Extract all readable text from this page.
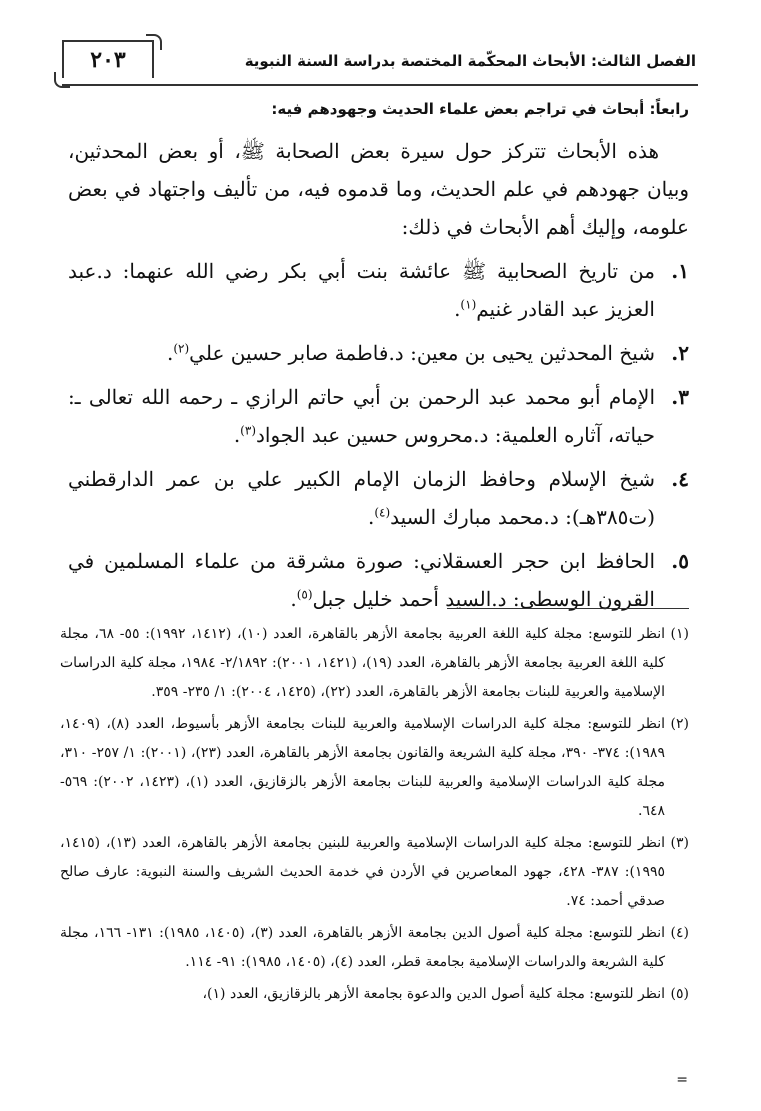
٢٠٣	الفصل الثالث: الأبحاث المحكّمة المختصة بدراسة السنة النبوية

رابعاً: أبحاث في تراجم بعض علماء الحديث وجهودهم فيه:

هذه الأبحاث تتركز حول سيرة بعض الصحابة ﷺ، أو بعض المحدثين، وبيان جهودهم في علم الحديث، وما قدموه فيه، من تأليف واجتهاد في بعض علومه، وإليك أهم الأبحاث في ذلك:

١.
من تاريخ الصحابية ﷺ عائشة بنت أبي بكر رضي الله عنهما: د.عبد العزيز عبد القادر غنيم$^{(١)}$.
٢.
شيخ المحدثين يحيى بن معين: د.فاطمة صابر حسين علي$^{(٢)}$.
٣.
الإمام أبو محمد عبد الرحمن بن أبي حاتم الرازي ـ رحمه الله تعالى ـ: حياته، آثاره العلمية: د.محروس حسين عبد الجواد$^{(٣)}$.
٤.
شيخ الإسلام وحافظ الزمان الإمام الكبير علي بن عمر الدارقطني (ت٣٨٥هـ): د.محمد مبارك السيد$^{(٤)}$.
٥.
الحافظ ابن حجر العسقلاني: صورة مشرقة من علماء المسلمين في القرون الوسطى: د.السيد أحمد خليل جبل$^{(٥)}$.

(١)
انظر للتوسع: مجلة كلية اللغة العربية بجامعة الأزهر بالقاهرة، العدد (١٠)، (١٤١٢، ١٩٩٢): ٥٥- ٦٨، مجلة كلية اللغة العربية بجامعة الأزهر بالقاهرة، العدد (١٩)، (١٤٢١، ٢٠٠١): ٢/١٨٩٢- ١٩٨٤، مجلة كلية الدراسات الإسلامية والعربية للبنات بجامعة الأزهر بالقاهرة، العدد (٢٢)، (١٤٢٥، ٢٠٠٤): ١/ ٢٣٥- ٣٥٩.

(٢)
انظر للتوسع: مجلة كلية الدراسات الإسلامية والعربية للبنات بجامعة الأزهر بأسيوط، العدد (٨)، (١٤٠٩، ١٩٨٩): ٣٧٤- ٣٩٠، مجلة كلية الشريعة والقانون بجامعة الأزهر بالقاهرة، العدد (٢٣)، (٢٠٠١): ١/ ٢٥٧- ٣١٠، مجلة كلية الدراسات الإسلامية والعربية للبنات بجامعة الأزهر بالزقازيق، العدد (١)، (١٤٢٣، ٢٠٠٢): ٥٦٩- ٦٤٨.

(٣)
انظر للتوسع: مجلة كلية الدراسات الإسلامية والعربية للبنين بجامعة الأزهر بالقاهرة، العدد (١٣)، (١٤١٥، ١٩٩٥): ٣٨٧- ٤٢٨، جهود المعاصرين في الأردن في خدمة الحديث الشريف والسنة النبوية: عارف صالح صدقي أحمد: ٧٤.

(٤)
انظر للتوسع: مجلة كلية أصول الدين بجامعة الأزهر بالقاهرة، العدد (٣)، (١٤٠٥، ١٩٨٥): ١٣١- ١٦٦، مجلة كلية الشريعة والدراسات الإسلامية بجامعة قطر، العدد (٤)، (١٤٠٥، ١٩٨٥): ٩١- ١١٤.

(٥)
انظر للتوسع: مجلة كلية أصول الدين والدعوة بجامعة الأزهر بالزقازيق، العدد (١)،

=
